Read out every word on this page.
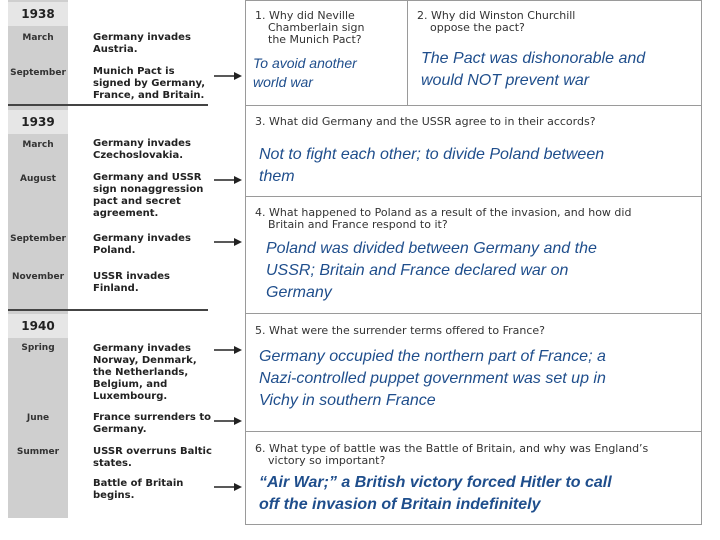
1938
March
September
1939
March
August
September
November
1940
Spring
June
Summer
Germany invades
Austria.
Munich Pact is
signed by Germany,
France, and Britain.
Germany invades
Czechoslovakia.
Germany and USSR
sign nonaggression
pact and secret
agreement.
Germany invades
Poland.
USSR invades
Finland.
Germany invades
Norway, Denmark,
the Netherlands,
Belgium, and
Luxembourg.
France surrenders to
Germany.
USSR overruns Baltic
states.
Battle of Britain
begins.
1. Why did Neville
Chamberlain sign
the Munich Pact?
To avoid another
world war
2. Why did Winston Churchill
oppose the pact?
The Pact was dishonorable and
would NOT prevent war
3. What did Germany and the USSR agree to in their accords?
Not to fight each other; to divide Poland between
them
4. What happened to Poland as a result of the invasion, and how did
Britain and France respond to it?
Poland was divided between Germany and the
USSR; Britain and France declared war on
Germany
5. What were the surrender terms offered to France?
Germany occupied the northern part of France; a
Nazi-controlled puppet government was set up in
Vichy in southern France
6. What type of battle was the Battle of Britain, and why was England’s
victory so important?
“Air War;” a British victory forced Hitler to call
off the invasion of Britain indefinitely
